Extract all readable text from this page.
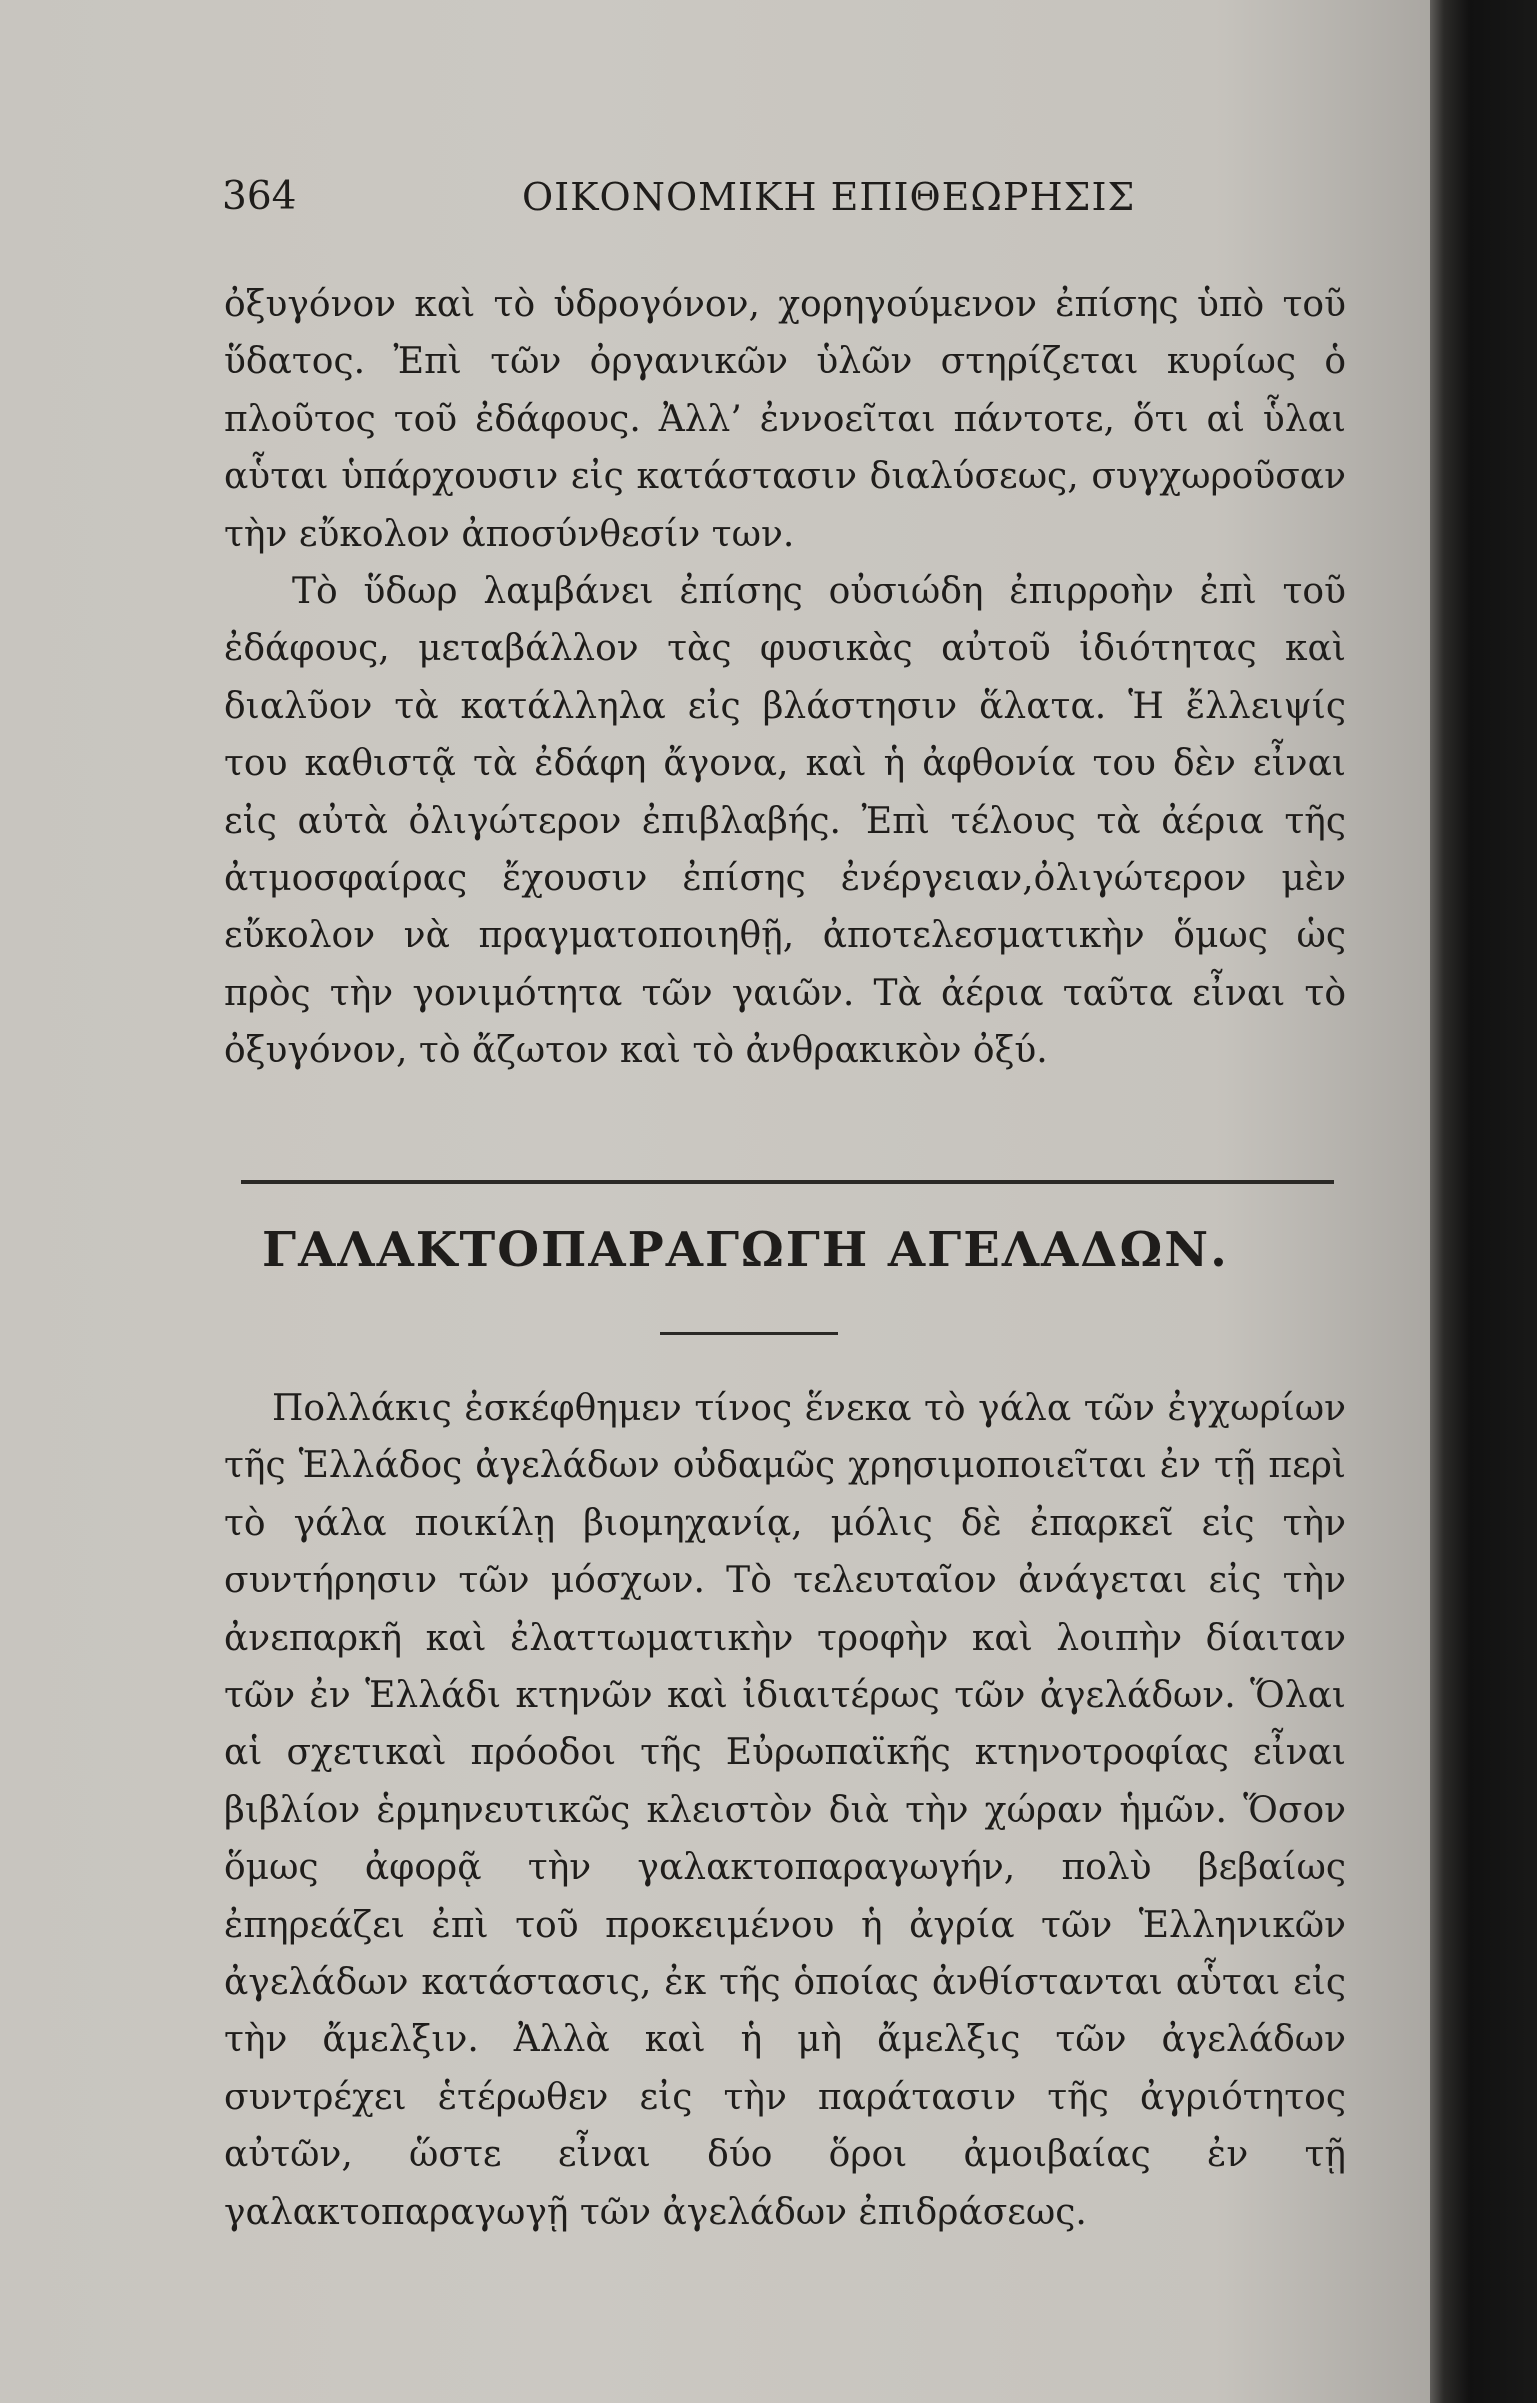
364	ΟΙΚΟΝΟΜΙΚΗ ΕΠΙΘΕΩΡΗΣΙΣ
ὀξυγόνον καὶ τὸ ὑδρογόνον, χορηγούμενον ἐπίσης ὑπὸ τοῦ ὕδατος. Ἐπὶ τῶν ὀργανικῶν ὑλῶν στηρίζεται κυρίως ὁ πλοῦτος τοῦ ἐδάφους. Ἀλλ’ ἐννοεῖται πάντοτε, ὅτι αἱ ὗλαι αὗται ὑπάρχουσιν εἰς κατάστασιν διαλύσεως, συγχωροῦσαν τὴν εὔκολον ἀποσύνθεσίν των.
Τὸ ὕδωρ λαμβάνει ἐπίσης οὐσιώδη ἐπιρροὴν ἐπὶ τοῦ ἐδάφους, μεταβάλλον τὰς φυσικὰς αὐτοῦ ἰδιότητας καὶ διαλῦον τὰ κατάλληλα εἰς βλάστησιν ἅλατα. Ἡ ἔλλειψίς του καθιστᾷ τὰ ἐδάφη ἄγονα, καὶ ἡ ἀφθονία του δὲν εἶναι εἰς αὐτὰ ὀλιγώτερον ἐπιβλαβής. Ἐπὶ τέλους τὰ ἀέρια τῆς ἀτμοσφαίρας ἔχουσιν ἐπίσης ἐνέργειαν,ὀλιγώτερον μὲν εὔκολον νὰ πραγματοποιηθῇ, ἀποτελεσματικὴν ὅμως ὡς πρὸς τὴν γονιμότητα τῶν γαιῶν. Τὰ ἀέρια ταῦτα εἶναι τὸ ὀξυγόνον, τὸ ἄζωτον καὶ τὸ ἀνθρακικὸν ὀξύ.
ΓΑΛΑΚΤΟΠΑΡΑΓΩΓΗ ΑΓΕΛΑΔΩΝ.
Πολλάκις ἐσκέφθημεν τίνος ἕνεκα τὸ γάλα τῶν ἐγχωρίων τῆς Ἑλλάδος ἀγελάδων οὐδαμῶς χρησιμοποιεῖται ἐν τῇ περὶ τὸ γάλα ποικίλῃ βιομηχανίᾳ, μόλις δὲ ἐπαρκεῖ εἰς τὴν συντήρησιν τῶν μόσχων. Τὸ τελευταῖον ἀνάγεται εἰς τὴν ἀνεπαρκῆ καὶ ἐλαττωματικὴν τροφὴν καὶ λοιπὴν δίαιταν τῶν ἐν Ἑλλάδι κτηνῶν καὶ ἰδιαιτέρως τῶν ἀγελάδων. Ὅλαι αἱ σχετικαὶ πρόοδοι τῆς Εὐρωπαϊκῆς κτηνοτροφίας εἶναι βιβλίον ἑρμηνευτικῶς κλειστὸν διὰ τὴν χώραν ἡμῶν. Ὅσον ὅμως ἀφορᾷ τὴν γαλακτοπαραγωγήν, πολὺ βεβαίως ἐπηρεάζει ἐπὶ τοῦ προκειμένου ἡ ἀγρία τῶν Ἑλληνικῶν ἀγελάδων κατάστασις, ἐκ τῆς ὁποίας ἀνθίστανται αὗται εἰς τὴν ἄμελξιν. Ἀλλὰ καὶ ἡ μὴ ἄμελξις τῶν ἀγελάδων συντρέχει ἑτέρωθεν εἰς τὴν παράτασιν τῆς ἀγριότητος αὐτῶν, ὥστε εἶναι δύο ὅροι ἀμοιβαίας ἐν τῇ γαλακτοπαραγωγῇ τῶν ἀγελάδων ἐπιδράσεως.
